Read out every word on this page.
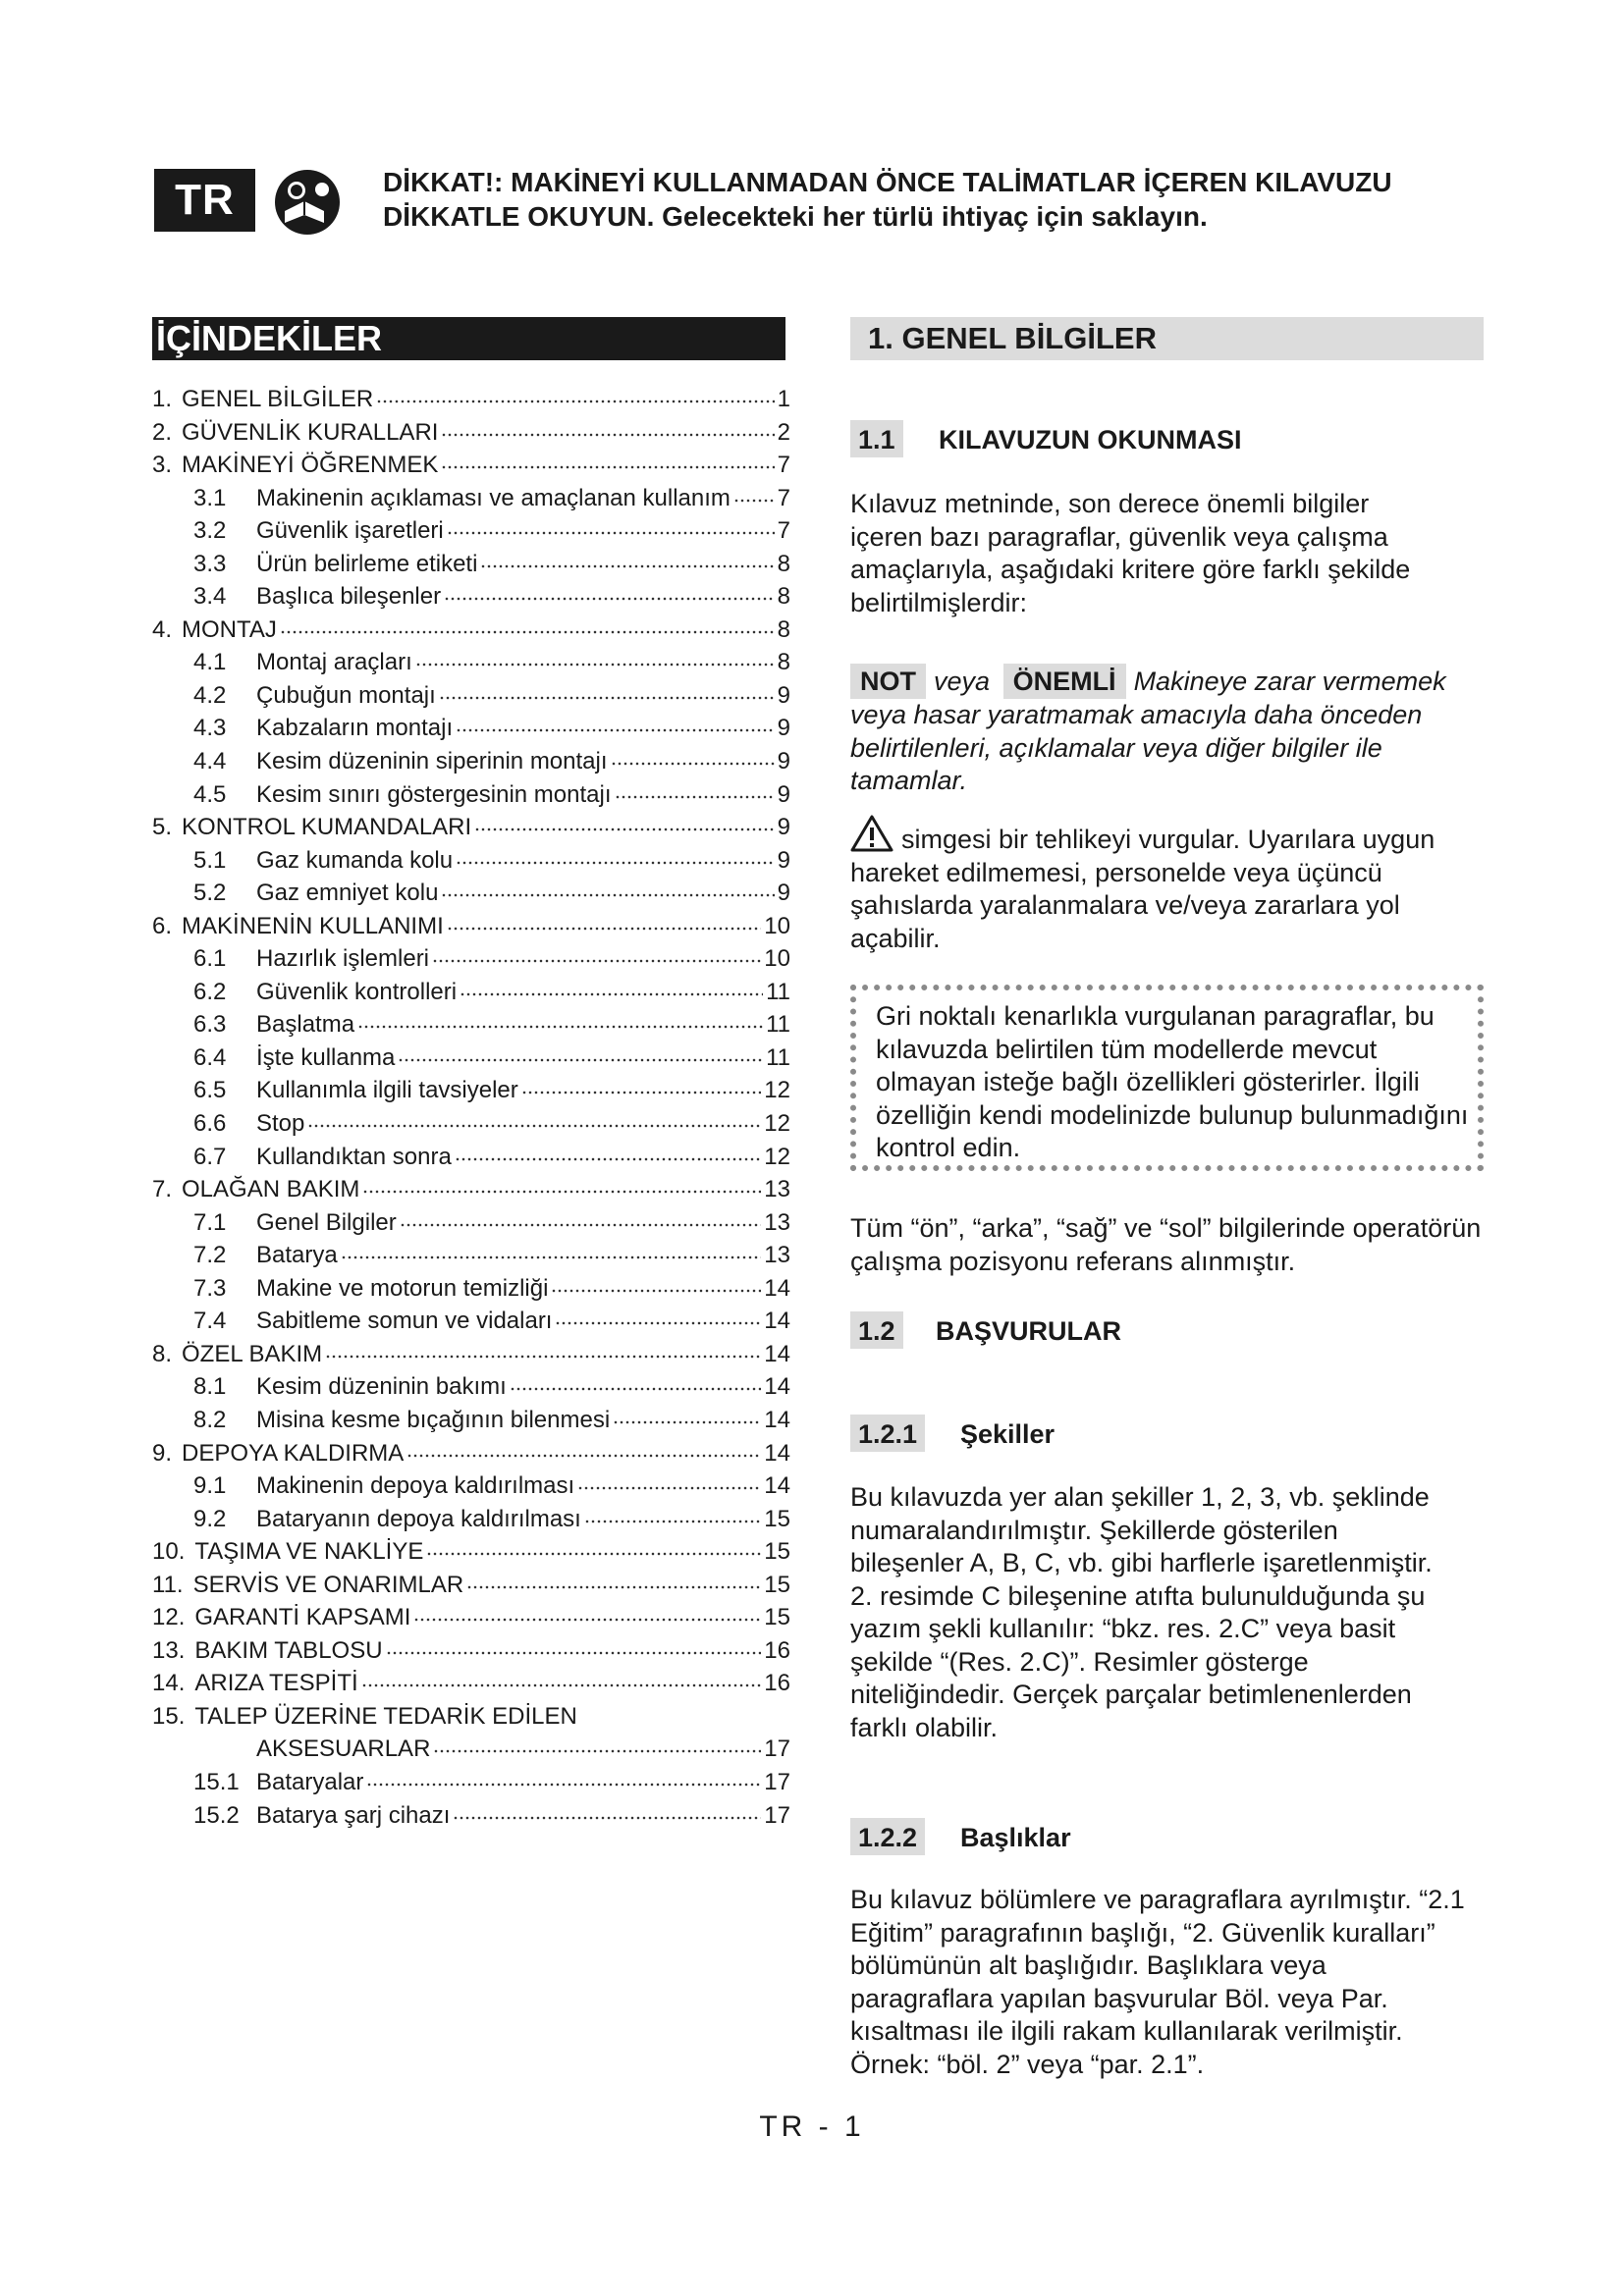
TR	DİKKAT!: MAKİNEYİ KULLANMADAN ÖNCE TALİMATLAR İÇEREN KILAVUZU
DİKKATLE OKUYUN. Gelecekteki her türlü ihtiyaç için saklayın.
İÇİNDEKİLER
1. GENEL BİLGİLER	1
2. GÜVENLİK KURALLARI	2
3. MAKİNEYİ ÖĞRENMEK	7
3.1	Makinenin açıklaması ve amaçlanan kullanım 7
3.2	Güvenlik işaretleri	7
3.3	Ürün belirleme etiketi	8
3.4	Başlıca bileşenler	8
4. MONTAJ	8
4.1	Montaj araçları	8
4.2	Çubuğun montajı	9
4.3	Kabzaların montajı	9
4.4	Kesim düzeninin siperinin montajı	9
4.5	Kesim sınırı göstergesinin montajı	9
5. KONTROL KUMANDALARI	9
5.1	Gaz kumanda kolu	9
5.2	Gaz emniyet kolu	9
6. MAKİNENİN KULLANIMI	10
6.1	Hazırlık işlemleri	10
6.2	Güvenlik kontrolleri	11
6.3	Başlatma	11
6.4	İşte kullanma	11
6.5	Kullanımla ilgili tavsiyeler	12
6.6	Stop	12
6.7	Kullandıktan sonra	12
7. OLAĞAN BAKIM	13
7.1	Genel Bilgiler	13
7.2	Batarya	13
7.3	Makine ve motorun temizliği	14
7.4	Sabitleme somun ve vidaları	14
8. ÖZEL BAKIM	14
8.1	Kesim düzeninin bakımı	14
8.2	Misina kesme bıçağının bilenmesi	14
9. DEPOYA KALDIRMA	14
9.1	Makinenin depoya kaldırılması	14
9.2	Bataryanın depoya kaldırılması	15
10. TAŞIMA VE NAKLİYE	15
11. SERVİS VE ONARIMLAR	15
12. GARANTİ KAPSAMI	15
13. BAKIM TABLOSU	16
14. ARIZA TESPİTİ	16
15. TALEP ÜZERİNE TEDARİK EDİLEN
AKSESUARLAR	17
15.1 Bataryalar	17
15.2 Batarya şarj cihazı	17
1. GENEL BİLGİLER
1.1 KILAVUZUN OKUNMASI

Kılavuz metninde, son derece önemli bilgiler içeren bazı paragraflar, güvenlik veya çalışma amaçlarıyla, aşağıdaki kritere göre farklı şekilde belirtilmişlerdir:

NOT veya ÖNEMLİ Makineye zarar vermemek veya hasar yaratmamak amacıyla daha önceden belirtilenleri, açıklamalar veya diğer bilgiler ile tamamlar.
simgesi bir tehlikeyi vurgular. Uyarılara uygun hareket edilmemesi, personelde veya üçüncü şahıslarda yaralanmalara ve/veya zararlara yol açabilir.
Gri noktalı kenarlıkla vurgulanan paragraflar, bu kılavuzda belirtilen tüm modellerde mevcut olmayan isteğe bağlı özellikleri gösterirler. İlgili özelliğin kendi modelinizde bulunup bulunmadığını kontrol edin.

Tüm “ön”, “arka”, “sağ” ve “sol” bilgilerinde operatörün çalışma pozisyonu referans alınmıştır.

1.2 BAŞVURULAR
1.2.1 Şekiller

Bu kılavuzda yer alan şekiller 1, 2, 3, vb. şeklinde numaralandırılmıştır. Şekillerde gösterilen bileşenler A, B, C, vb. gibi harflerle işaretlenmiştir. 2. resimde C bileşenine atıfta bulunulduğunda şu yazım şekli kullanılır: “bkz. res. 2.C” veya basit şekilde “(Res. 2.C)”. Resimler gösterge niteliğindedir. Gerçek parçalar betimlenenlerden farklı olabilir.

1.2.2 Başlıklar

Bu kılavuz bölümlere ve paragraflara ayrılmıştır. “2.1 Eğitim” paragrafının başlığı, “2. Güvenlik kuralları” bölümünün alt başlığıdır. Başlıklara veya paragraflara yapılan başvurular Böl. veya Par. kısaltması ile ilgili rakam kullanılarak verilmiştir. Örnek: “böl. 2” veya “par. 2.1”.

TR - 1
